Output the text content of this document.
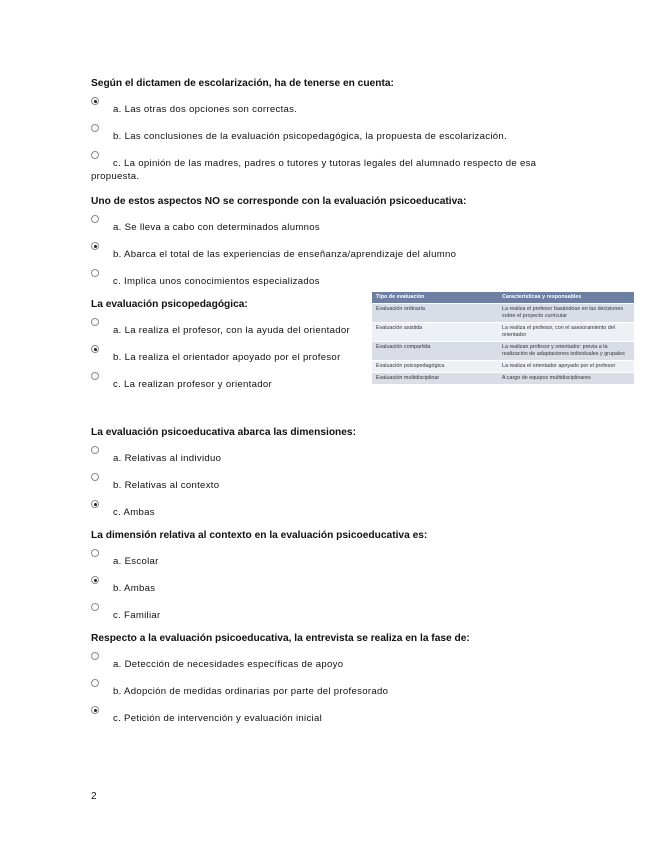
Según el dictamen de escolarización, ha de tenerse en cuenta:
a. Las otras dos opciones son correctas.
b. Las conclusiones de la evaluación psicopedagógica, la propuesta de escolarización.
c. La opinión de las madres, padres o tutores y tutoras legales del alumnado respecto de esa
propuesta.
Uno de estos aspectos NO se corresponde con la evaluación psicoeducativa:
a. Se lleva a cabo con determinados alumnos
b. Abarca el total de las experiencias de enseñanza/aprendizaje del alumno
c. Implica unos conocimientos especializados
La evaluación psicopedagógica:
a. La realiza el profesor, con la ayuda del orientador
b. La realiza el orientador apoyado por el profesor
c. La realizan profesor y orientador
Tipo de evaluación	Características y responsables
Evaluación ordinaria	La realiza el profesor basándose en las decisiones sobre el proyecto curricular
Evaluación asistida	La realiza el profesor, con el asesoramiento del orientador
Evaluación compartida	La realizan profesor y orientador: previa a la realización de adaptaciones individuales y grupales
Evaluación psicopedagógica	La realiza el orientador apoyado por el profesor
Evaluación multidisciplinar	A cargo de equipos multidisciplinares
La evaluación psicoeducativa abarca las dimensiones:
a. Relativas al individuo
b. Relativas al contexto
c. Ambas
La dimensión relativa al contexto en la evaluación psicoeducativa es:
a. Escolar
b. Ambas
c. Familiar
Respecto a la evaluación psicoeducativa, la entrevista se realiza en la fase de:
a. Detección de necesidades específicas de apoyo
b. Adopción de medidas ordinarias por parte del profesorado
c. Petición de intervención y evaluación inicial
2
